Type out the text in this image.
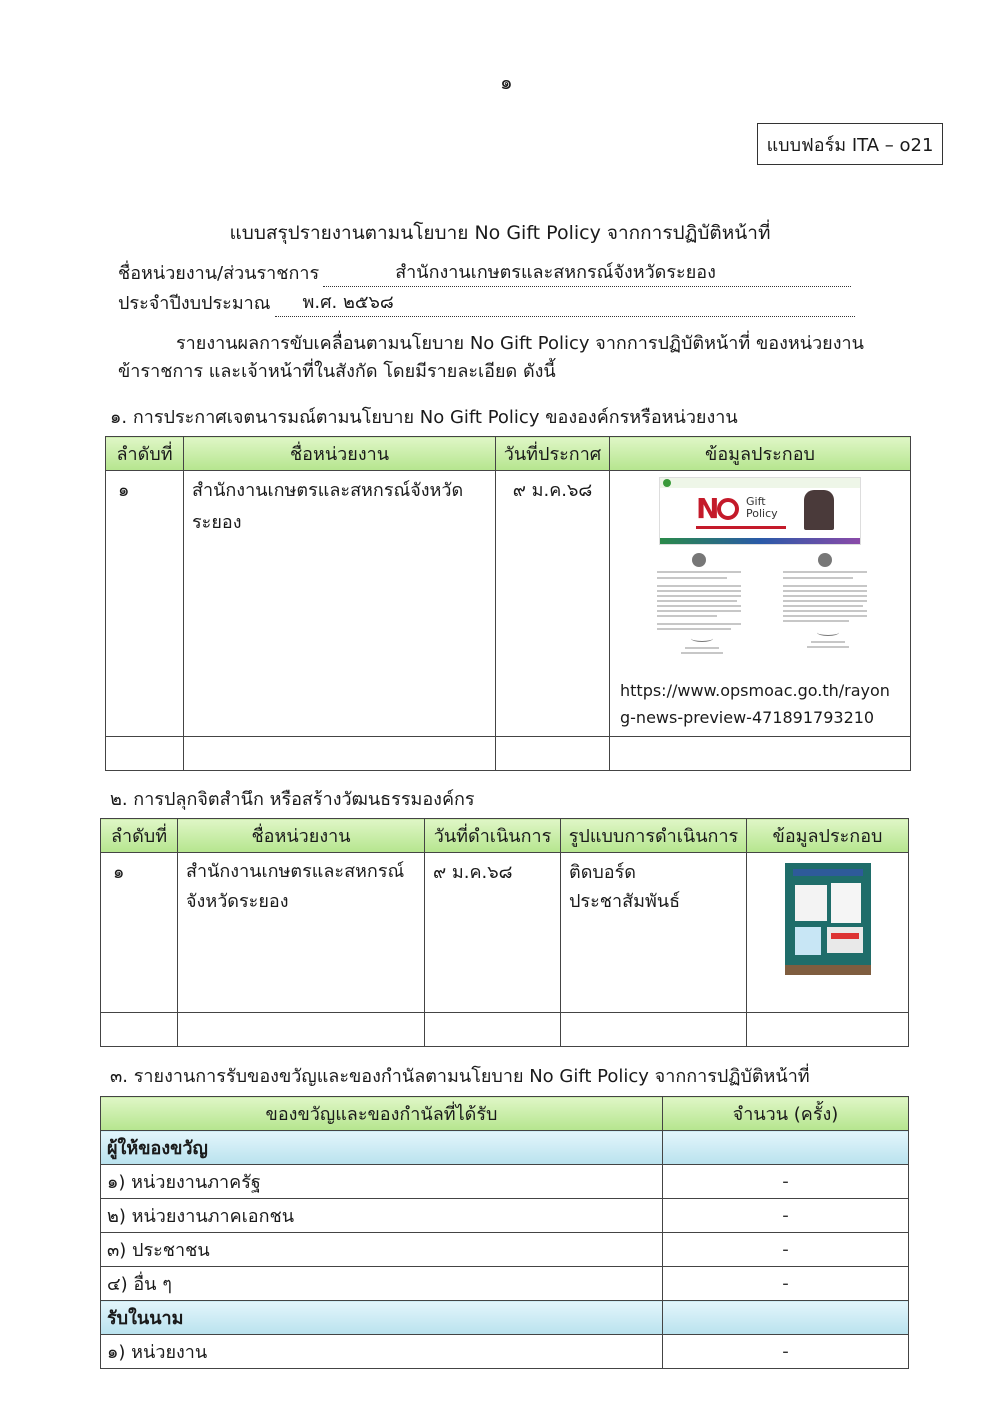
๑
แบบฟอร์ม ITA – o21
แบบสรุปรายงานตามนโยบาย No Gift Policy จากการปฏิบัติหน้าที่
ชื่อหน่วยงาน/ส่วนราชการ	สำนักงานเกษตรและสหกรณ์จังหวัดระยอง
ประจำปีงบประมาณ พ.ศ. ๒๕๖๘
รายงานผลการขับเคลื่อนตามนโยบาย No Gift Policy จากการปฏิบัติหน้าที่ ของหน่วยงาน ข้าราชการ และเจ้าหน้าที่ในสังกัด โดยมีรายละเอียด ดังนี้
๑. การประกาศเจตนารมณ์ตามนโยบาย No Gift Policy ขององค์กรหรือหน่วยงาน
ลำดับที่	ชื่อหน่วยงาน	วันที่ประกาศ	ข้อมูลประกอบ
๑	สำนักงานเกษตรและสหกรณ์จังหวัดระยอง	๙ ม.ค.๖๘	N Gift
Policy
https://www.opsmoac.go.th/rayong-news-preview-471891793210

๒. การปลุกจิตสำนึก หรือสร้างวัฒนธรรมองค์กร
ลำดับที่	ชื่อหน่วยงาน	วันที่ดำเนินการ	รูปแบบการดำเนินการ	ข้อมูลประกอบ
๑	สำนักงานเกษตรและสหกรณ์จังหวัดระยอง	๙ ม.ค.๖๘	ติดบอร์ดประชาสัมพันธ์	

๓. รายงานการรับของขวัญและของกำนัลตามนโยบาย No Gift Policy จากการปฏิบัติหน้าที่
ของขวัญและของกำนัลที่ได้รับ	จำนวน (ครั้ง)
ผู้ให้ของขวัญ	
๑) หน่วยงานภาครัฐ	-
๒) หน่วยงานภาคเอกชน	-
๓) ประชาชน	-
๔) อื่น ๆ	-
รับในนาม	
๑) หน่วยงาน	-
